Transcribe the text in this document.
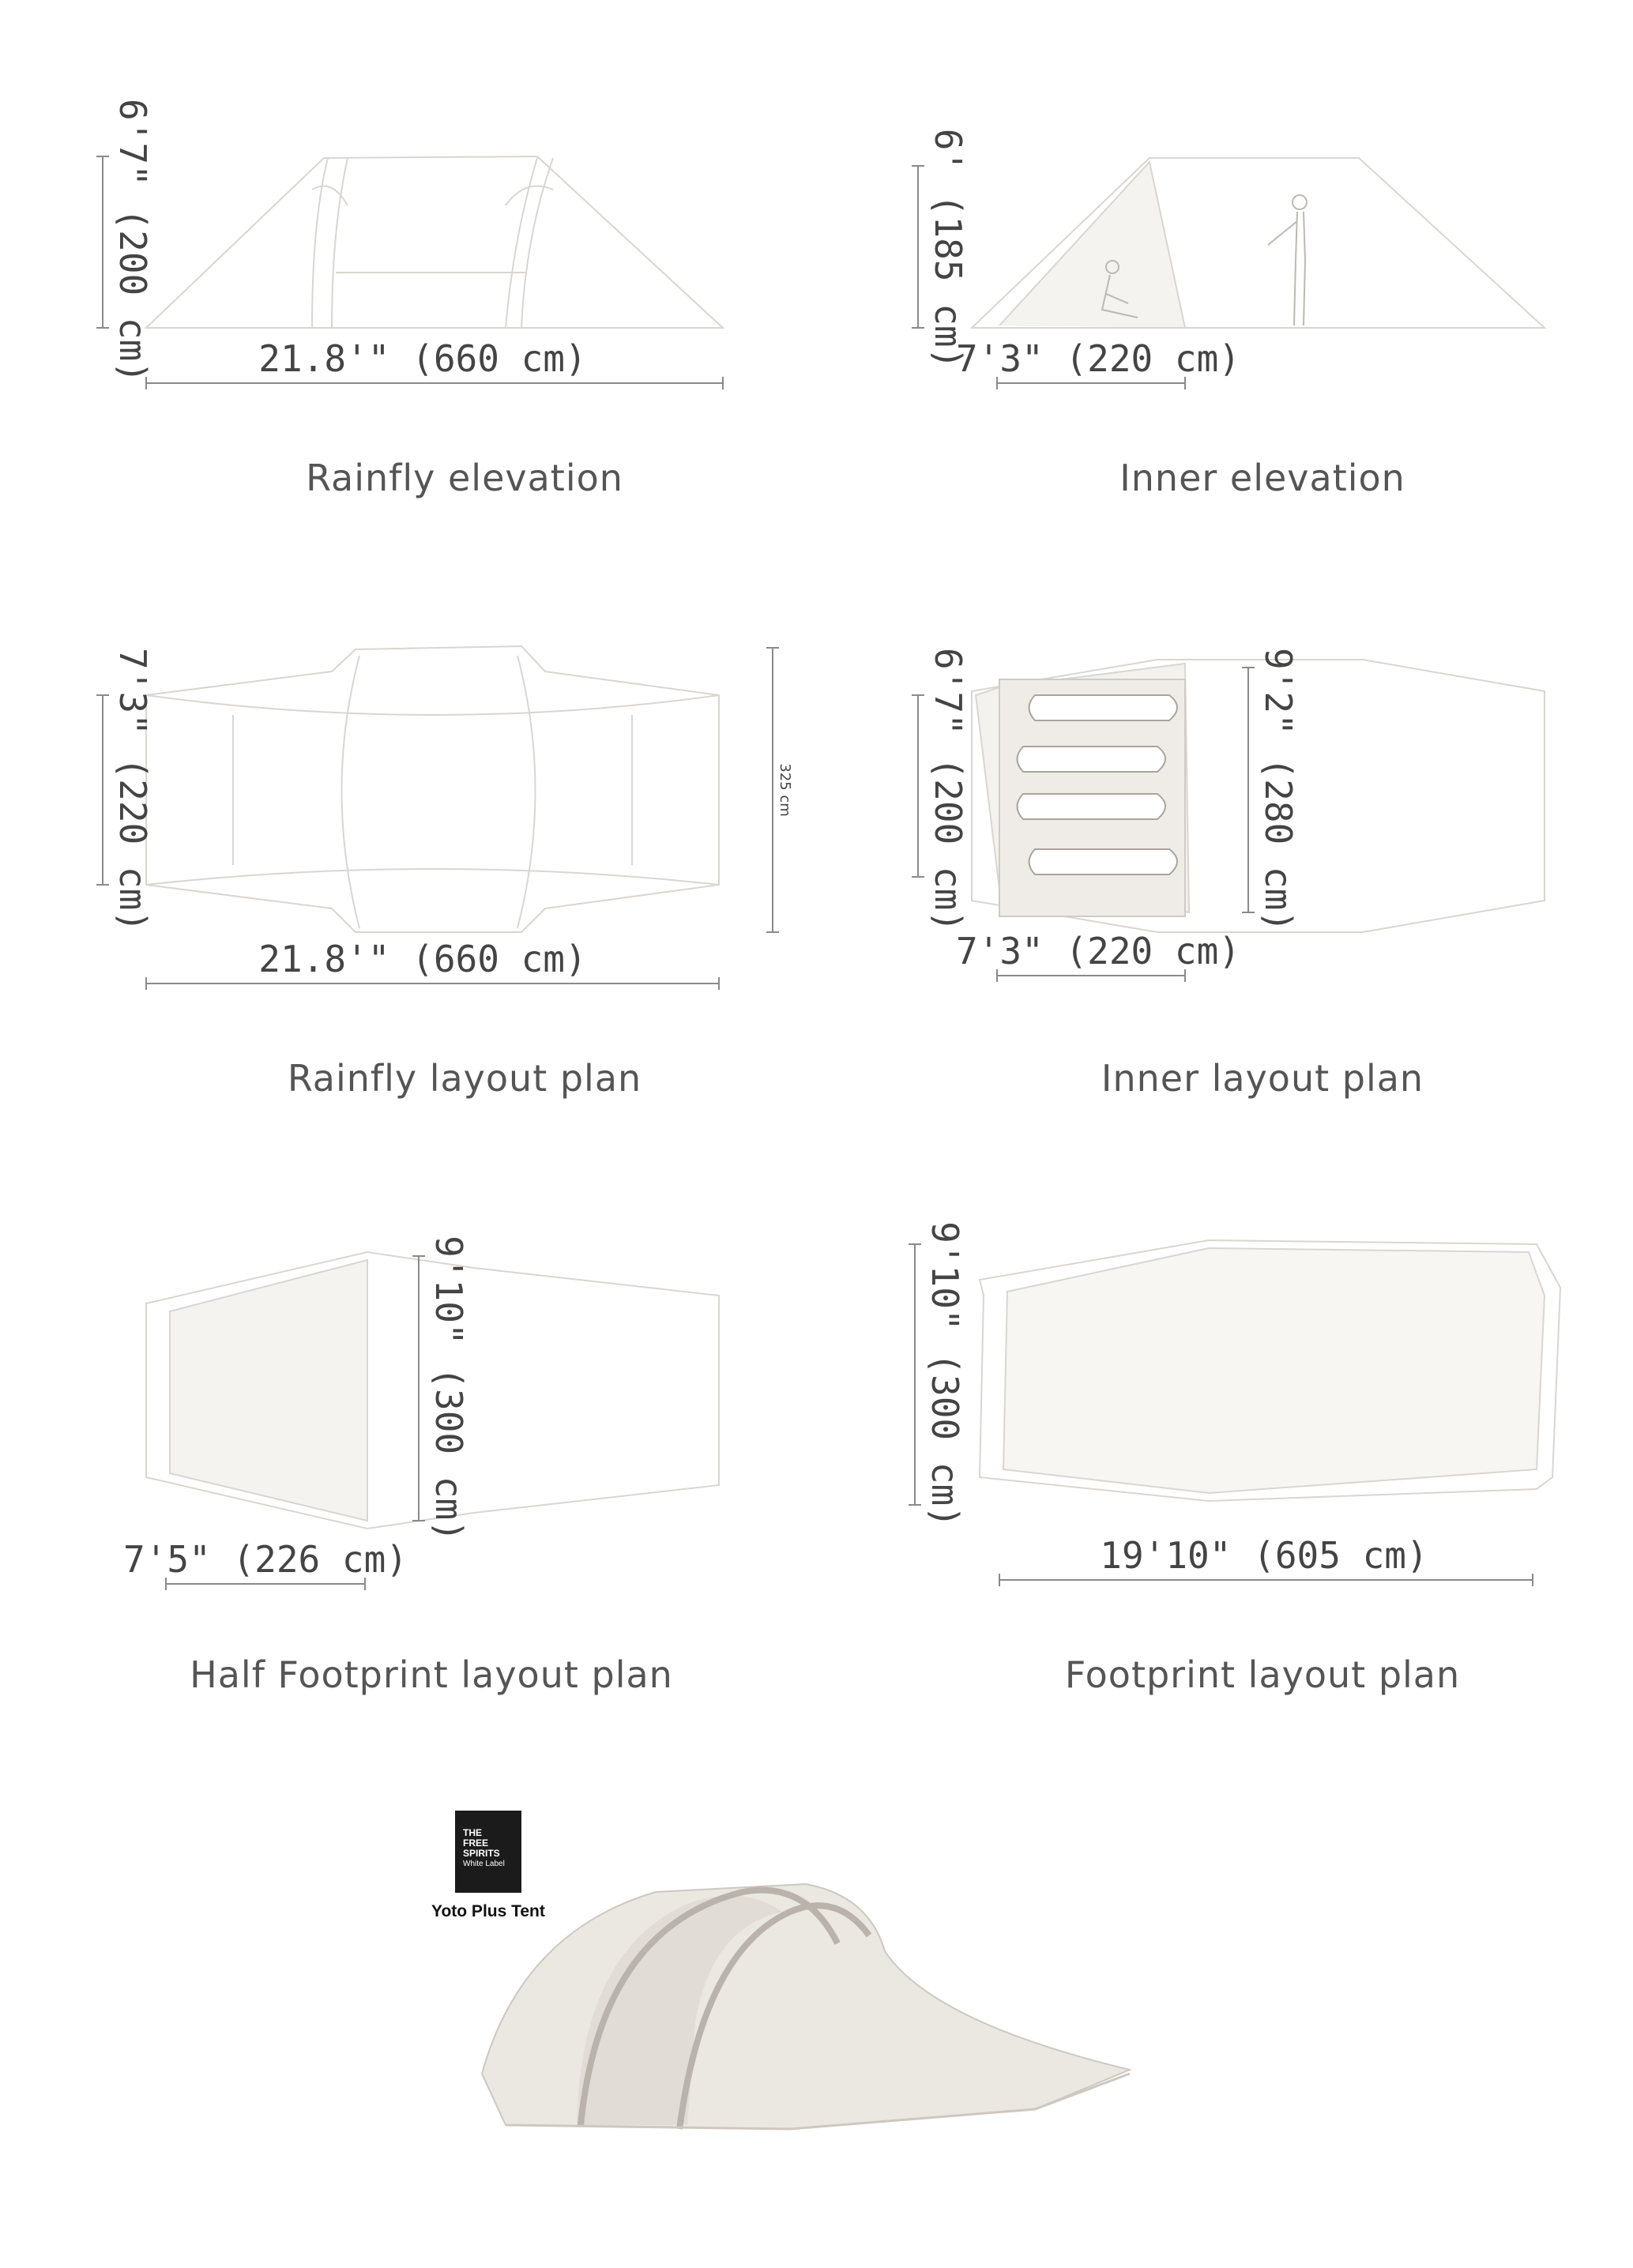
6'7" (200 cm)	21.8'" (660 cm)	6' (185 cm)
7'3" (220 cm)
7'3" (220 cm)
21.8'" (660 cm)
325 cm	6'7" (200 cm)	9'2" (280 cm)
7'3" (220 cm)
9'10" (300 cm)
7'5" (226 cm)
9'10" (300 cm)
19'10" (605 cm)
Rainfly elevation	Inner elevation
Rainfly layout plan	Inner layout plan
Half Footprint layout plan	Footprint layout plan
THE
FREE
SPIRITS
White Label
Yoto Plus Tent
